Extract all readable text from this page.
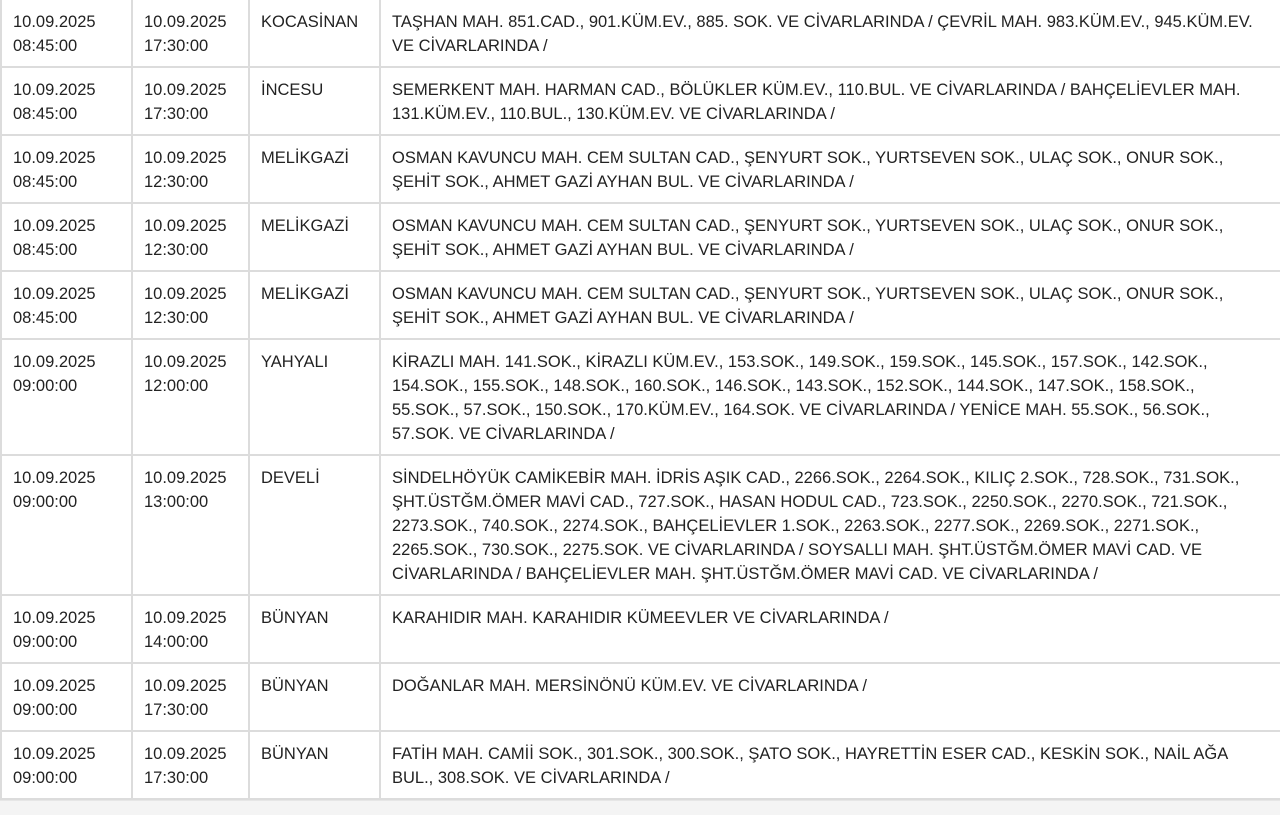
10.09.2025
08:45:00	10.09.2025
17:30:00	KOCASİNAN	TAŞHAN MAH. 851.CAD., 901.KÜM.EV., 885. SOK. VE CİVARLARINDA / ÇEVRİL MAH. 983.KÜM.EV., 945.KÜM.EV. VE CİVARLARINDA /

10.09.2025
08:45:00	10.09.2025
17:30:00	İNCESU	SEMERKENT MAH. HARMAN CAD., BÖLÜKLER KÜM.EV., 110.BUL. VE CİVARLARINDA / BAHÇELİEVLER MAH. 131.KÜM.EV., 110.BUL., 130.KÜM.EV. VE CİVARLARINDA /

10.09.2025
08:45:00	10.09.2025
12:30:00	MELİKGAZİ	OSMAN KAVUNCU MAH. CEM SULTAN CAD., ŞENYURT SOK., YURTSEVEN SOK., ULAÇ SOK., ONUR SOK., ŞEHİT SOK., AHMET GAZİ AYHAN BUL. VE CİVARLARINDA /

10.09.2025
08:45:00	10.09.2025
12:30:00	MELİKGAZİ	OSMAN KAVUNCU MAH. CEM SULTAN CAD., ŞENYURT SOK., YURTSEVEN SOK., ULAÇ SOK., ONUR SOK., ŞEHİT SOK., AHMET GAZİ AYHAN BUL. VE CİVARLARINDA /

10.09.2025
08:45:00	10.09.2025
12:30:00	MELİKGAZİ	OSMAN KAVUNCU MAH. CEM SULTAN CAD., ŞENYURT SOK., YURTSEVEN SOK., ULAÇ SOK., ONUR SOK., ŞEHİT SOK., AHMET GAZİ AYHAN BUL. VE CİVARLARINDA /

10.09.2025
09:00:00	10.09.2025
12:00:00	YAHYALI	KİRAZLI MAH. 141.SOK., KİRAZLI KÜM.EV., 153.SOK., 149.SOK., 159.SOK., 145.SOK., 157.SOK., 142.SOK., 154.SOK., 155.SOK., 148.SOK., 160.SOK., 146.SOK., 143.SOK., 152.SOK., 144.SOK., 147.SOK., 158.SOK., 55.SOK., 57.SOK., 150.SOK., 170.KÜM.EV., 164.SOK. VE CİVARLARINDA / YENİCE MAH. 55.SOK., 56.SOK., 57.SOK. VE CİVARLARINDA /

10.09.2025
09:00:00	10.09.2025
13:00:00	DEVELİ	SİNDELHÖYÜK CAMİKEBİR MAH. İDRİS AŞIK CAD., 2266.SOK., 2264.SOK., KILIÇ 2.SOK., 728.SOK., 731.SOK., ŞHT.ÜSTĞM.ÖMER MAVİ CAD., 727.SOK., HASAN HODUL CAD., 723.SOK., 2250.SOK., 2270.SOK., 721.SOK., 2273.SOK., 740.SOK., 2274.SOK., BAHÇELİEVLER 1.SOK., 2263.SOK., 2277.SOK., 2269.SOK., 2271.SOK., 2265.SOK., 730.SOK., 2275.SOK. VE CİVARLARINDA / SOYSALLI MAH. ŞHT.ÜSTĞM.ÖMER MAVİ CAD. VE CİVARLARINDA / BAHÇELİEVLER MAH. ŞHT.ÜSTĞM.ÖMER MAVİ CAD. VE CİVARLARINDA /

10.09.2025
09:00:00	10.09.2025
14:00:00	BÜNYAN	KARAHIDIR MAH. KARAHIDIR KÜMEEVLER VE CİVARLARINDA /

10.09.2025
09:00:00	10.09.2025
17:30:00	BÜNYAN	DOĞANLAR MAH. MERSİNÖNÜ KÜM.EV. VE CİVARLARINDA /

10.09.2025
09:00:00	10.09.2025
17:30:00	BÜNYAN	FATİH MAH. CAMİİ SOK., 301.SOK., 300.SOK., ŞATO SOK., HAYRETTİN ESER CAD., KESKİN SOK., NAİL AĞA BUL., 308.SOK. VE CİVARLARINDA /
